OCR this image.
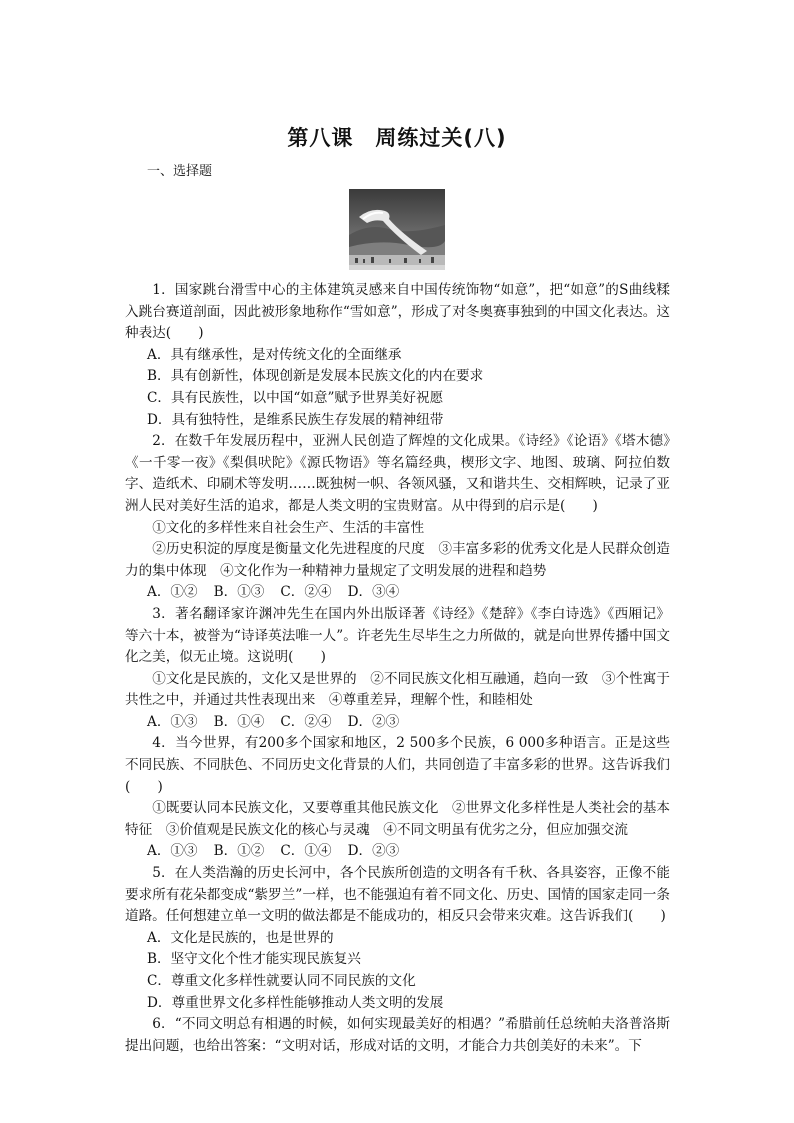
第八课　周练过关(八)
一、选择题

1．国家跳台滑雪中心的主体建筑灵感来自中国传统饰物“如意”，把“如意”的S曲线糅入跳台赛道剖面，因此被形象地称作“雪如意”，形成了对冬奥赛事独到的中国文化表达。这种表达(　　)

A．具有继承性，是对传统文化的全面继承

B．具有创新性，体现创新是发展本民族文化的内在要求

C．具有民族性，以中国“如意”赋予世界美好祝愿

D．具有独特性，是维系民族生存发展的精神纽带

2．在数千年发展历程中，亚洲人民创造了辉煌的文化成果。《诗经》《论语》《塔木德》《一千零一夜》《梨俱吠陀》《源氏物语》等名篇经典，楔形文字、地图、玻璃、阿拉伯数字、造纸术、印刷术等发明……既独树一帜、各领风骚，又和谐共生、交相辉映，记录了亚洲人民对美好生活的追求，都是人类文明的宝贵财富。从中得到的启示是(　　)

①文化的多样性来自社会生产、生活的丰富性

②历史积淀的厚度是衡量文化先进程度的尺度　③丰富多彩的优秀文化是人民群众创造力的集中体现　④文化作为一种精神力量规定了文明发展的进程和趋势

A．①② B．①③ C．②④ D．③④

3．著名翻译家许渊冲先生在国内外出版译著《诗经》《楚辞》《李白诗选》《西厢记》等六十本，被誉为“诗译英法唯一人”。许老先生尽毕生之力所做的，就是向世界传播中国文化之美，似无止境。这说明(　　)

①文化是民族的，文化又是世界的　②不同民族文化相互融通，趋向一致　③个性寓于共性之中，并通过共性表现出来　④尊重差异，理解个性，和睦相处

A．①③ B．①④ C．②④ D．②③

4．当今世界，有200多个国家和地区，2 500多个民族，6 000多种语言。正是这些不同民族、不同肤色、不同历史文化背景的人们，共同创造了丰富多彩的世界。这告诉我们(　　)

①既要认同本民族文化，又要尊重其他民族文化　②世界文化多样性是人类社会的基本特征　③价值观是民族文化的核心与灵魂　④不同文明虽有优劣之分，但应加强交流

A．①③ B．①② C．①④ D．②③

5．在人类浩瀚的历史长河中，各个民族所创造的文明各有千秋、各具姿容，正像不能要求所有花朵都变成“紫罗兰”一样，也不能强迫有着不同文化、历史、国情的国家走同一条道路。任何想建立单一文明的做法都是不能成功的，相反只会带来灾难。这告诉我们(　　)

A．文化是民族的，也是世界的

B．坚守文化个性才能实现民族复兴

C．尊重文化多样性就要认同不同民族的文化

D．尊重世界文化多样性能够推动人类文明的发展

6．“不同文明总有相遇的时候，如何实现最美好的相遇？”希腊前任总统帕夫洛普洛斯提出问题，也给出答案：“文明对话，形成对话的文明，才能合力共创美好的未来”。下
